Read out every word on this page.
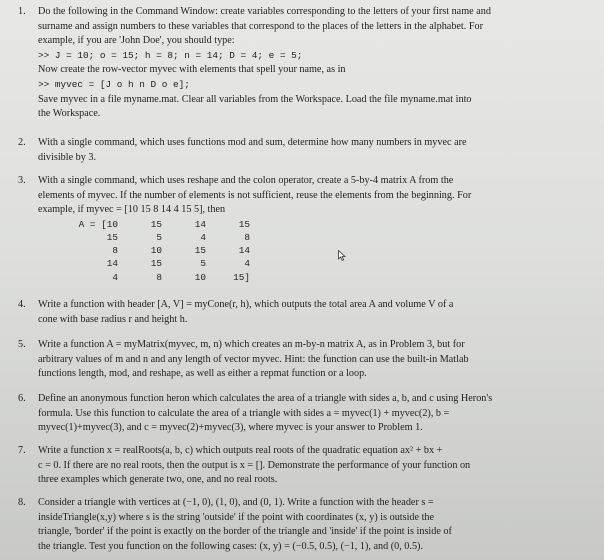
1.	Do the following in the Command Window: create variables corresponding to the letters of your first name and
surname and assign numbers to these variables that correspond to the places of the letters in the alphabet. For
example, if you are 'John Doe', you should type:
>> J = 10; o = 15; h = 8; n = 14; D = 4; e = 5;
Now create the row-vector myvec with elements that spell your name, as in
>> myvec = [J o h n D o e];
Save myvec in a file myname.mat. Clear all variables from the Workspace. Load the file myname.mat into
the Workspace.
2.	With a single command, which uses functions mod and sum, determine how many numbers in myvec are
divisible by 3.
3.	With a single command, which uses reshape and the colon operator, create a 5-by-4 matrix A from the
elements of myvec. If the number of elements is not sufficient, reuse the elements from the beginning. For
example, if myvec = [10 15 8 14 4 15 5], then
A = [10	15	14	15
15	5	4	8
8	10	15	14
14	15	5	4
4	8	10	15]
4.	Write a function with header [A, V] = myCone(r, h), which outputs the total area A and volume V of a
cone with base radius r and height h.
5.	Write a function A = myMatrix(myvec, m, n) which creates an m-by-n matrix A, as in Problem 3, but for
arbitrary values of m and n and any length of vector myvec. Hint: the function can use the built-in Matlab
functions length, mod, and reshape, as well as either a repmat function or a loop.
6.	Define an anonymous function heron which calculates the area of a triangle with sides a, b, and c using Heron's
formula. Use this function to calculate the area of a triangle with sides a = myvec(1) + myvec(2), b =
myvec(1)+myvec(3), and c = myvec(2)+myvec(3), where myvec is your answer to Problem 1.
7.	Write a function x = realRoots(a, b, c) which outputs real roots of the quadratic equation ax² + bx +
c = 0. If there are no real roots, then the output is x = []. Demonstrate the performance of your function on
three examples which generate two, one, and no real roots.
8.	Consider a triangle with vertices at (−1, 0), (1, 0), and (0, 1). Write a function with the header s =
insideTriangle(x,y) where s is the string 'outside' if the point with coordinates (x, y) is outside the
triangle, 'border' if the point is exactly on the border of the triangle and 'inside' if the point is inside of
the triangle. Test you function on the following cases: (x, y) = (−0.5, 0.5), (−1, 1), and (0, 0.5).
